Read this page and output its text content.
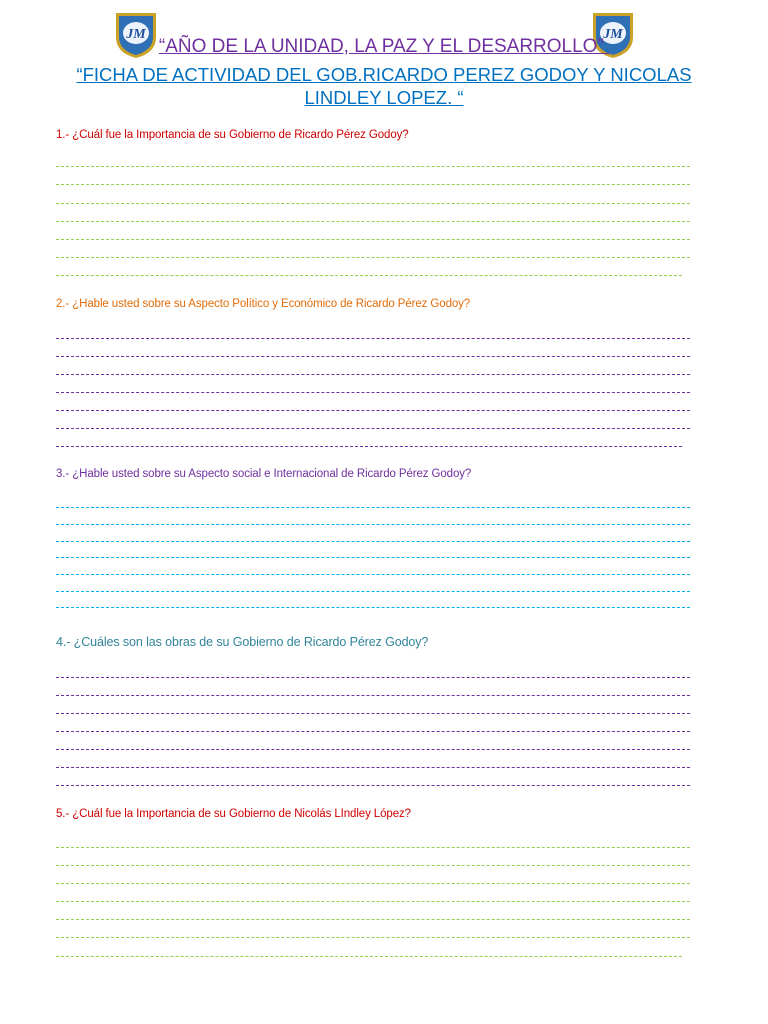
JM	JM
“AÑO DE LA UNIDAD, LA PAZ Y EL DESARROLLO”.
“FICHA DE ACTIVIDAD DEL GOB.RICARDO PEREZ GODOY Y NICOLAS LINDLEY LOPEZ. “
1.- ¿Cuál fue la Importancia de su Gobierno de Ricardo Pérez Godoy?
2.- ¿Hable usted sobre su Aspecto Político y Económico de Ricardo Pérez Godoy?
3.- ¿Hable usted sobre su Aspecto social e Internacional de Ricardo Pérez Godoy?
4.- ¿Cuáles son las obras de su Gobierno de Ricardo Pérez Godoy?
5.- ¿Cuál fue la Importancia de su Gobierno de Nicolás LIndley López?
